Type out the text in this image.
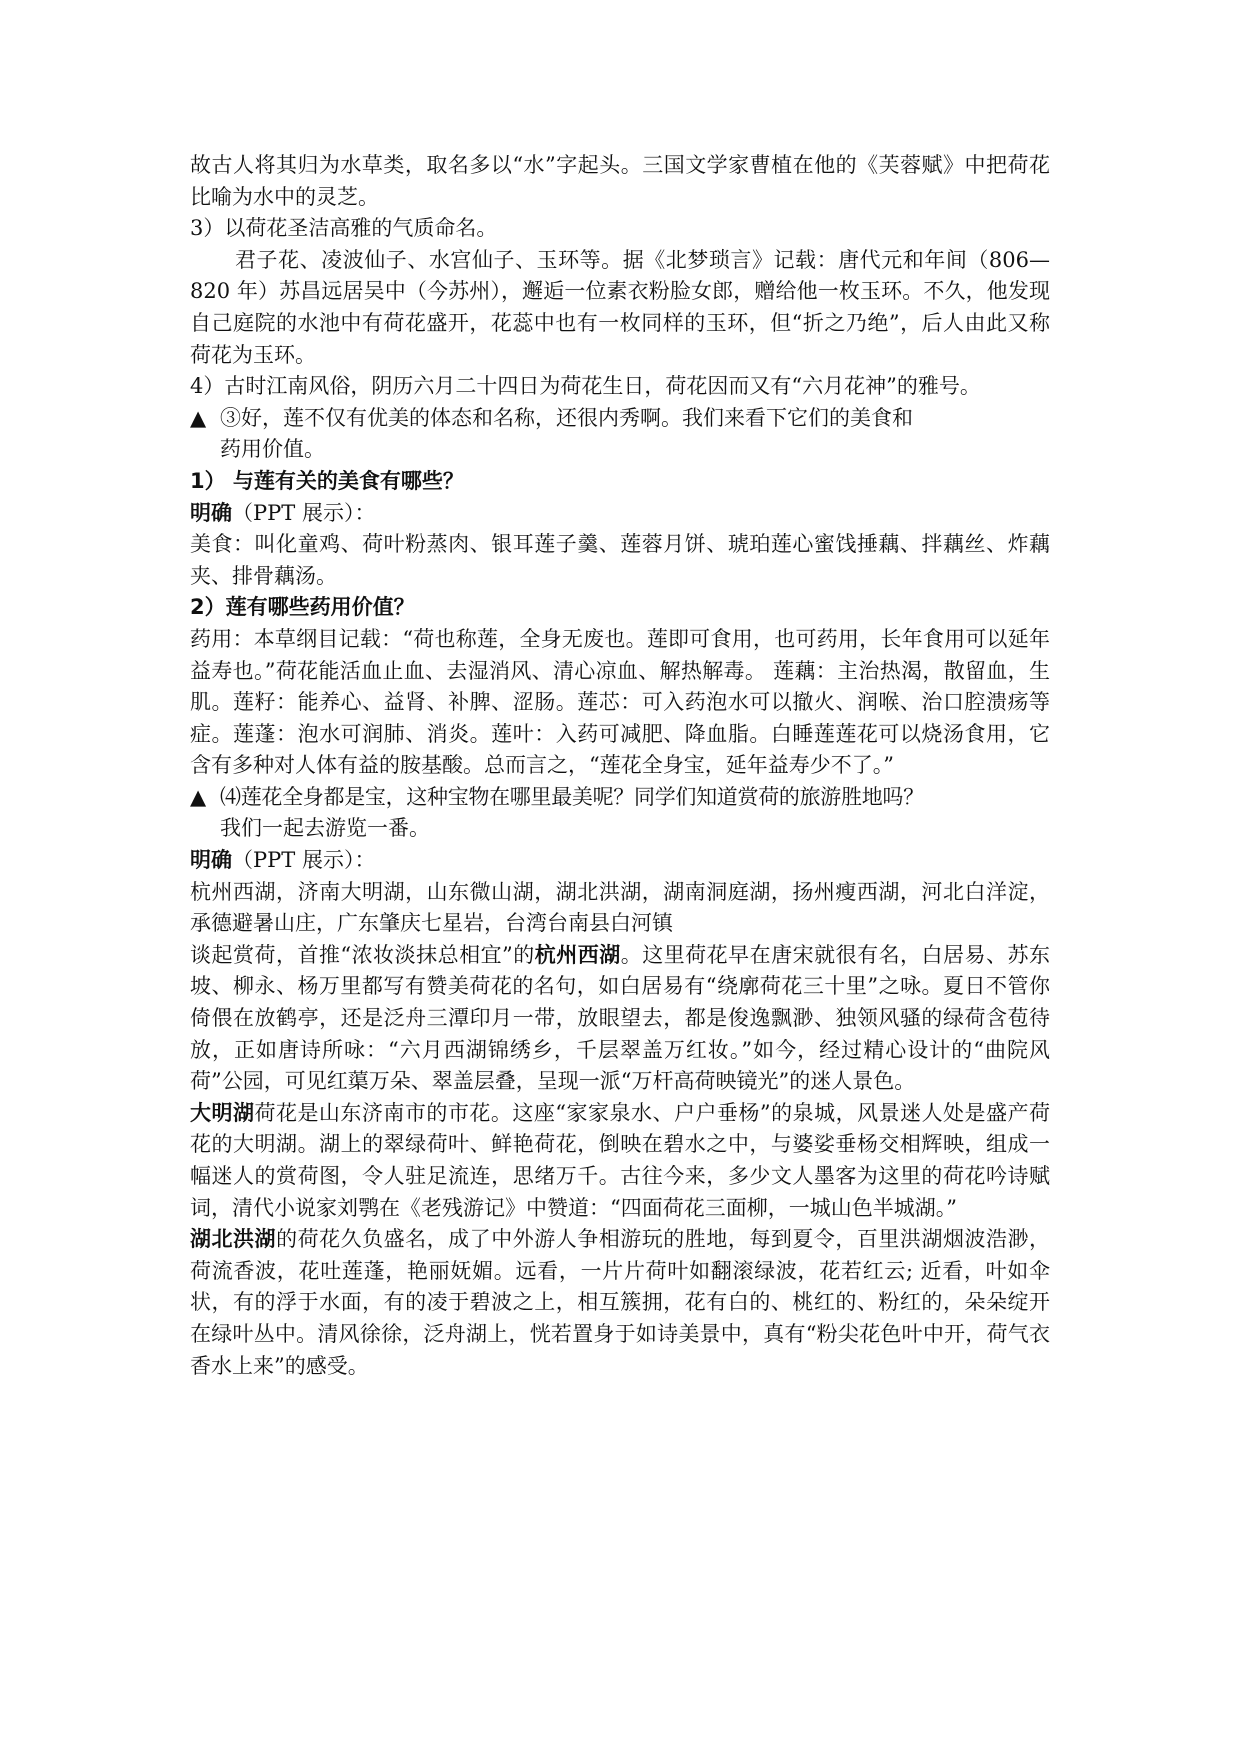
故古人将其归为水草类，取名多以“水”字起头。三国文学家曹植在他的《芙蓉赋》中把荷花比喻为水中的灵芝。

3）以荷花圣洁高雅的气质命名。

君子花、凌波仙子、水宫仙子、玉环等。据《北梦琐言》记载：唐代元和年间（806—820 年）苏昌远居吴中（今苏州），邂逅一位素衣粉脸女郎，赠给他一枚玉环。不久，他发现自己庭院的水池中有荷花盛开，花蕊中也有一枚同样的玉环，但“折之乃绝”，后人由此又称荷花为玉环。

4）古时江南风俗，阴历六月二十四日为荷花生日，荷花因而又有“六月花神”的雅号。

▲ ③好，莲不仅有优美的体态和名称，还很内秀啊。我们来看下它们的美食和
药用价值。

1） 与莲有关的美食有哪些？

明确（PPT 展示）：

美食：叫化童鸡、荷叶粉蒸肉、银耳莲子羹、莲蓉月饼、琥珀莲心蜜饯捶藕、拌藕丝、炸藕夹、排骨藕汤。

2）莲有哪些药用价值？

药用：本草纲目记载：“荷也称莲，全身无废也。莲即可食用，也可药用，长年食用可以延年益寿也。”荷花能活血止血、去湿消风、清心凉血、解热解毒。 莲藕：主治热渴，散留血，生肌。莲籽：能养心、益肾、补脾、涩肠。莲芯：可入药泡水可以撤火、润喉、治口腔溃疡等症。莲蓬：泡水可润肺、消炎。莲叶：入药可减肥、降血脂。白睡莲莲花可以烧汤食用，它含有多种对人体有益的胺基酸。总而言之，“莲花全身宝，延年益寿少不了。”

▲ ⑷莲花全身都是宝，这种宝物在哪里最美呢？同学们知道赏荷的旅游胜地吗？
我们一起去游览一番。

明确（PPT 展示）：

杭州西湖，济南大明湖，山东微山湖，湖北洪湖，湖南洞庭湖，扬州瘦西湖，河北白洋淀，承德避暑山庄，广东肇庆七星岩，台湾台南县白河镇

谈起赏荷，首推“浓妆淡抹总相宜”的杭州西湖。这里荷花早在唐宋就很有名，白居易、苏东坡、柳永、杨万里都写有赞美荷花的名句，如白居易有“绕廓荷花三十里”之咏。夏日不管你倚偎在放鹤亭，还是泛舟三潭印月一带，放眼望去，都是俊逸飘渺、独领风骚的绿荷含苞待放，正如唐诗所咏：“六月西湖锦绣乡，千层翠盖万红妆。”如今，经过精心设计的“曲院风荷”公园，可见红蕖万朵、翠盖层叠，呈现一派“万杆高荷映镜光”的迷人景色。

大明湖荷花是山东济南市的市花。这座“家家泉水、户户垂杨”的泉城，风景迷人处是盛产荷花的大明湖。湖上的翠绿荷叶、鲜艳荷花，倒映在碧水之中，与婆娑垂杨交相辉映，组成一幅迷人的赏荷图，令人驻足流连，思绪万千。古往今来，多少文人墨客为这里的荷花吟诗赋词，清代小说家刘鹗在《老残游记》中赞道：“四面荷花三面柳，一城山色半城湖。”

湖北洪湖的荷花久负盛名，成了中外游人争相游玩的胜地，每到夏令，百里洪湖烟波浩渺，荷流香波，花吐莲蓬，艳丽妩媚。远看，一片片荷叶如翻滚绿波，花若红云; 近看，叶如伞状，有的浮于水面，有的凌于碧波之上，相互簇拥，花有白的、桃红的、粉红的，朵朵绽开在绿叶丛中。清风徐徐，泛舟湖上，恍若置身于如诗美景中，真有“粉尖花色叶中开，荷气衣香水上来”的感受。
